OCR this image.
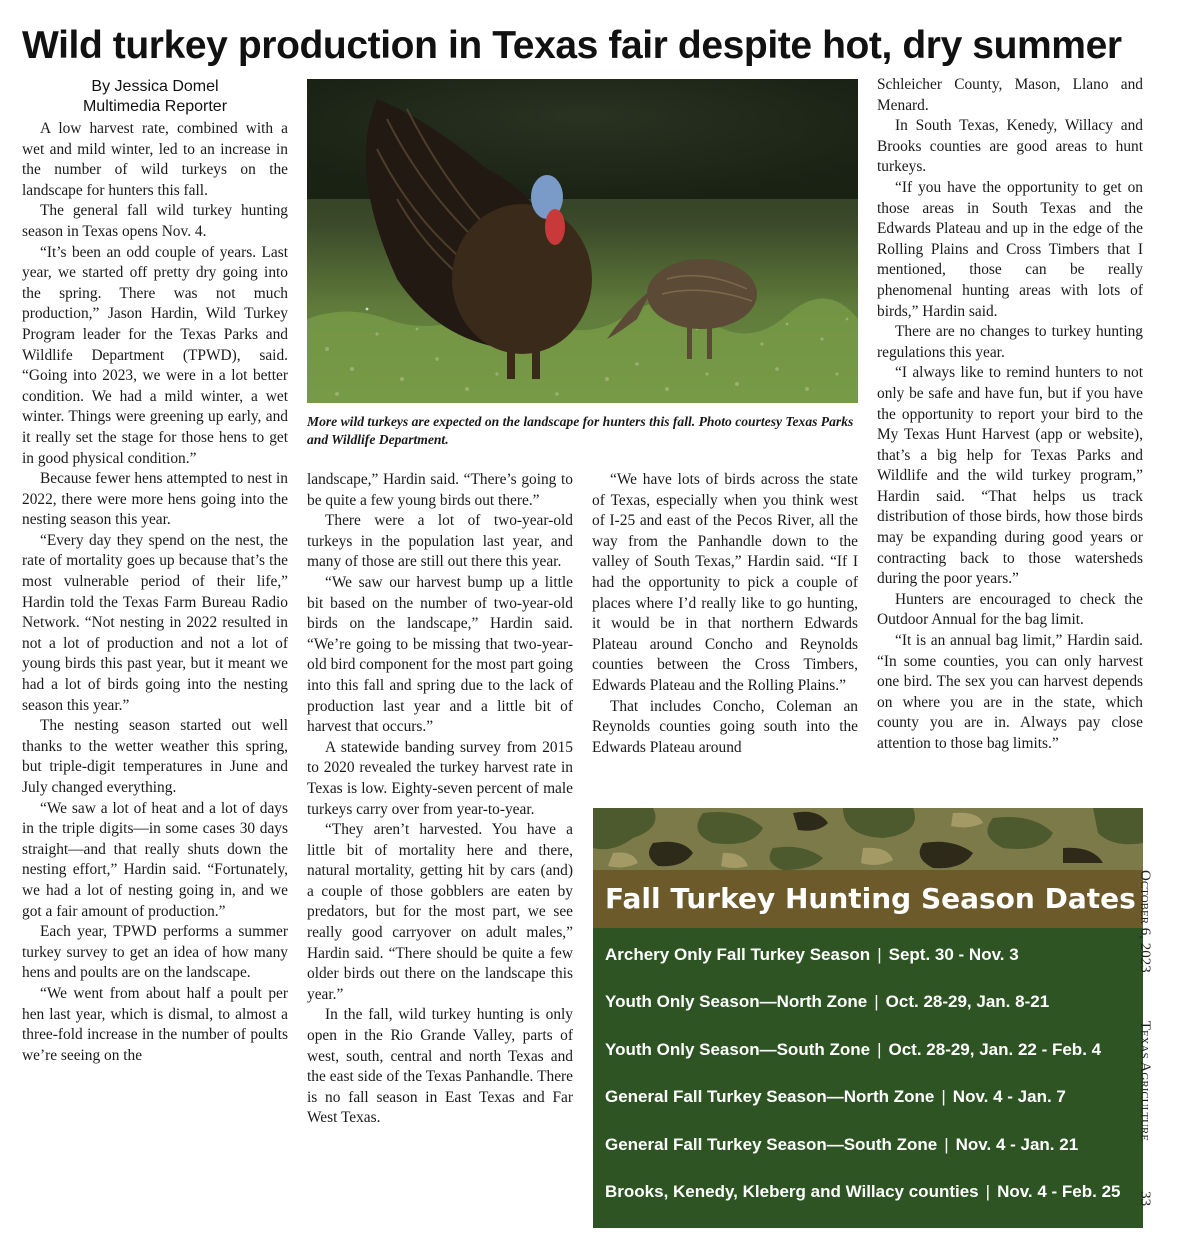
Wild turkey production in Texas fair despite hot, dry summer
By Jessica Domel
Multimedia Reporter

A low harvest rate, combined with a wet and mild winter, led to an increase in the number of wild turkeys on the landscape for hunters this fall.

The general fall wild turkey hunting season in Texas opens Nov. 4.

“It’s been an odd couple of years. Last year, we started off pretty dry going into the spring. There was not much production,” Jason Hardin, Wild Turkey Program leader for the Texas Parks and Wildlife Department (TPWD), said. “Going into 2023, we were in a lot better condition. We had a mild winter, a wet winter. Things were greening up early, and it really set the stage for those hens to get in good physical condition.”

Because fewer hens attempted to nest in 2022, there were more hens going into the nesting season this year.

“Every day they spend on the nest, the rate of mortality goes up because that’s the most vulnerable period of their life,” Hardin told the Texas Farm Bureau Radio Network. “Not nesting in 2022 resulted in not a lot of production and not a lot of young birds this past year, but it meant we had a lot of birds going into the nesting season this year.”

The nesting season started out well thanks to the wetter weather this spring, but triple-digit temperatures in June and July changed everything.

“We saw a lot of heat and a lot of days in the triple digits—in some cases 30 days straight—and that really shuts down the nesting effort,” Hardin said. “Fortunately, we had a lot of nesting going in, and we got a fair amount of production.”

Each year, TPWD performs a summer turkey survey to get an idea of how many hens and poults are on the landscape.

“We went from about half a poult per hen last year, which is dismal, to almost a three-fold increase in the number of poults we’re seeing on the

More wild turkeys are expected on the landscape for hunters this fall. Photo courtesy Texas Parks and Wildlife Department.

landscape,” Hardin said. “There’s going to be quite a few young birds out there.”

There were a lot of two-year-old turkeys in the population last year, and many of those are still out there this year.

“We saw our harvest bump up a little bit based on the number of two-year-old birds on the landscape,” Hardin said. “We’re going to be missing that two-year-old bird component for the most part going into this fall and spring due to the lack of production last year and a little bit of harvest that occurs.”

A statewide banding survey from 2015 to 2020 revealed the turkey harvest rate in Texas is low. Eighty-seven percent of male turkeys carry over from year-to-year.

“They aren’t harvested. You have a little bit of mortality here and there, natural mortality, getting hit by cars (and) a couple of those gobblers are eaten by predators, but for the most part, we see really good carryover on adult males,” Hardin said. “There should be quite a few older birds out there on the landscape this year.”

In the fall, wild turkey hunting is only open in the Rio Grande Valley, parts of west, south, central and north Texas and the east side of the Texas Panhandle. There is no fall season in East Texas and Far West Texas.

“We have lots of birds across the state of Texas, especially when you think west of I-25 and east of the Pecos River, all the way from the Panhandle down to the valley of South Texas,” Hardin said. “If I had the opportunity to pick a couple of places where I’d really like to go hunting, it would be in that northern Edwards Plateau around Concho and Reynolds counties between the Cross Timbers, Edwards Plateau and the Rolling Plains.”

That includes Concho, Coleman an Reynolds counties going south into the Edwards Plateau around

Schleicher County, Mason, Llano and Menard.

In South Texas, Kenedy, Willacy and Brooks counties are good areas to hunt turkeys.

“If you have the opportunity to get on those areas in South Texas and the Edwards Plateau and up in the edge of the Rolling Plains and Cross Timbers that I mentioned, those can be really phenomenal hunting areas with lots of birds,” Hardin said.

There are no changes to turkey hunting regulations this year.

“I always like to remind hunters to not only be safe and have fun, but if you have the opportunity to report your bird to the My Texas Hunt Harvest (app or website), that’s a big help for Texas Parks and Wildlife and the wild turkey program,” Hardin said. “That helps us track distribution of those birds, how those birds may be expanding during good years or contracting back to those watersheds during the poor years.”

Hunters are encouraged to check the Outdoor Annual for the bag limit.

“It is an annual bag limit,” Hardin said. “In some counties, you can only harvest one bird. The sex you can harvest depends on where you are in the state, which county you are in. Always pay close attention to those bag limits.”

Fall Turkey Hunting Season Dates
Archery Only Fall Turkey Season | Sept. 30 - Nov. 3
Youth Only Season—North Zone | Oct. 28-29, Jan. 8-21
Youth Only Season—South Zone | Oct. 28-29, Jan. 22 - Feb. 4
General Fall Turkey Season—North Zone | Nov. 4 - Jan. 7
General Fall Turkey Season—South Zone | Nov. 4 - Jan. 21
Brooks, Kenedy, Kleberg and Willacy counties | Nov. 4 - Feb. 25
October 6, 2023Texas Agriculture33
